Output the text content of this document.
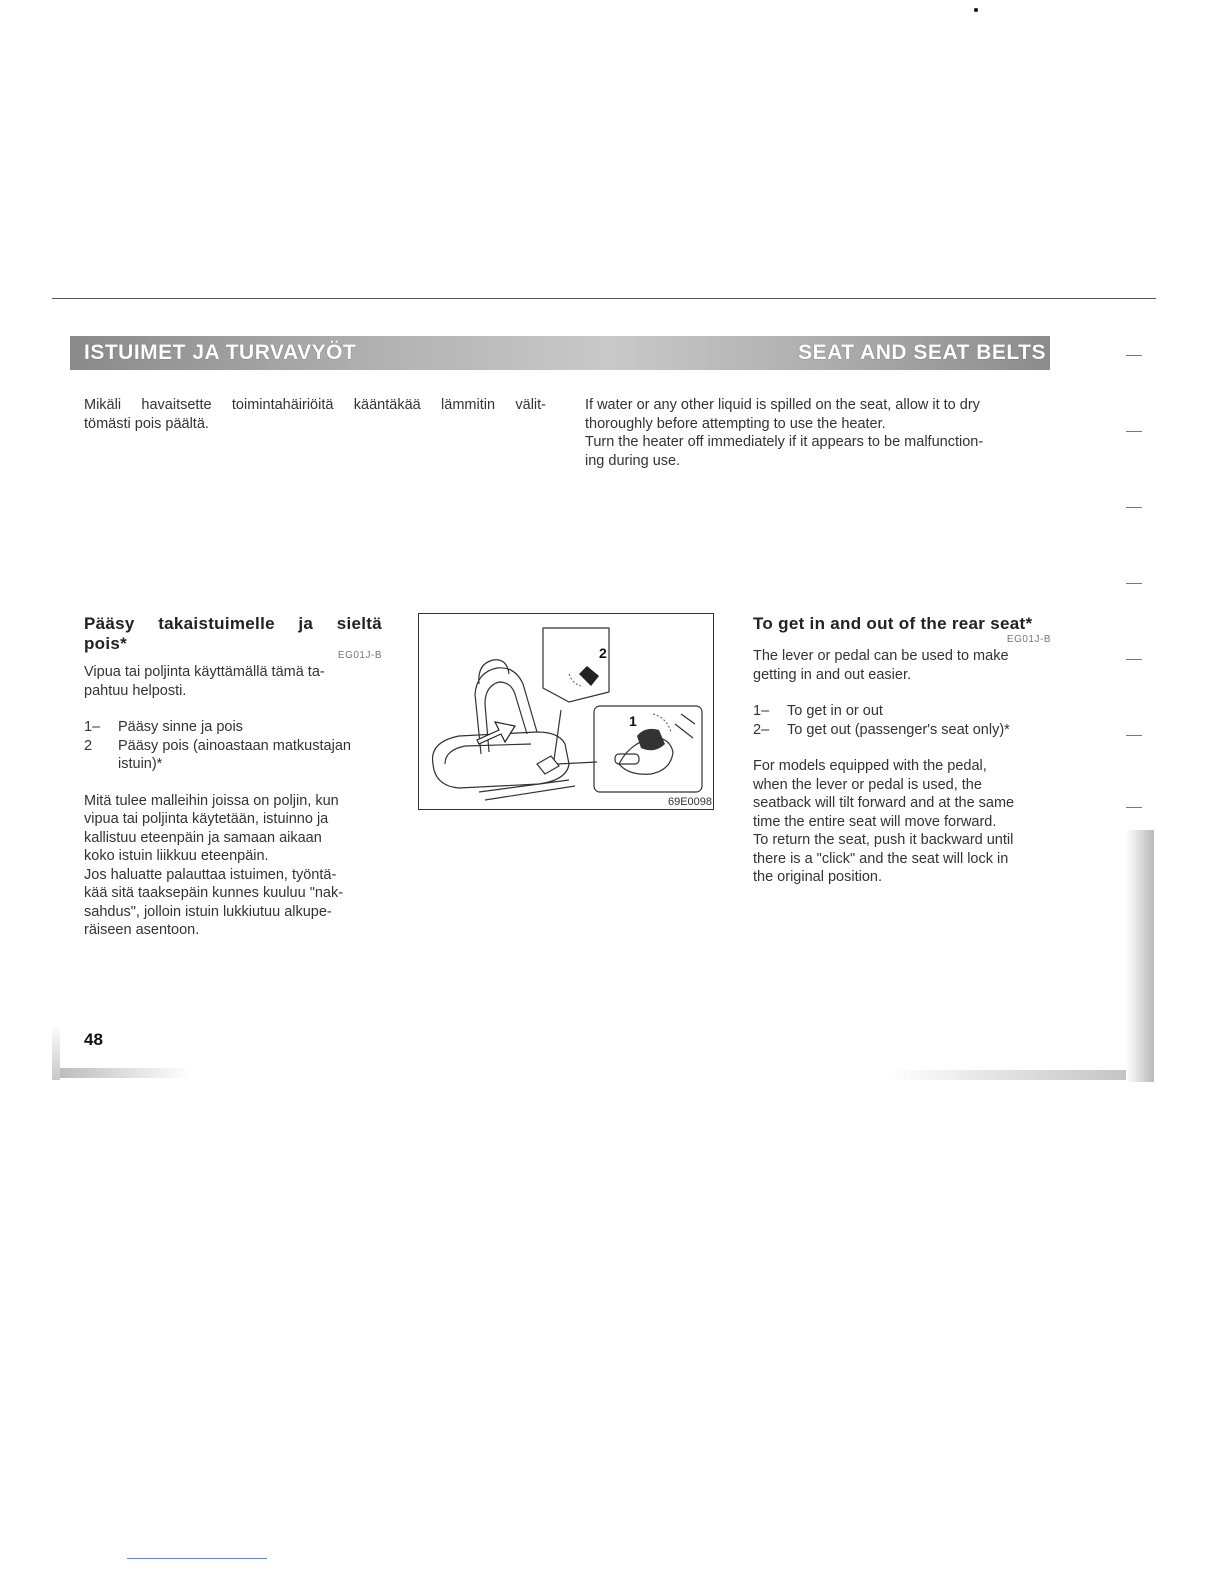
ISTUIMET JA TURVAVYÖT	SEAT AND SEAT BELTS
Mikäli havaitsette toimintahäiriöitä kääntäkää lämmitin välit-
tömästi pois päältä.
If water or any other liquid is spilled on the seat, allow it to dry
thoroughly before attempting to use the heater.
Turn the heater off immediately if it appears to be malfunction-
ing during use.
Pääsy takaistuimelle ja sieltä
pois*
EG01J-B
Vipua tai poljinta käyttämällä tämä ta-
pahtuu helposti.
1–	Pääsy sinne ja pois
2	Pääsy pois (ainoastaan matkustajan
istuin)*
Mitä tulee malleihin joissa on poljin, kun
vipua tai poljinta käytetään, istuinno ja
kallistuu eteenpäin ja samaan aikaan
koko istuin liikkuu eteenpäin.
Jos haluatte palauttaa istuimen, työntä-
kää sitä taaksepäin kunnes kuuluu "nak-
sahdus", jolloin istuin lukkiutuu alkupe-
räiseen asentoon.
2
1
69E0098
To get in and out of the rear seat*
EG01J-B
The lever or pedal can be used to make
getting in and out easier.
1–	To get in or out
2–	To get out (passenger's seat only)*
For models equipped with the pedal,
when the lever or pedal is used, the
seatback will tilt forward and at the same
time the entire seat will move forward.
To return the seat, push it backward until
there is a "click" and the seat will lock in
the original position.
48
